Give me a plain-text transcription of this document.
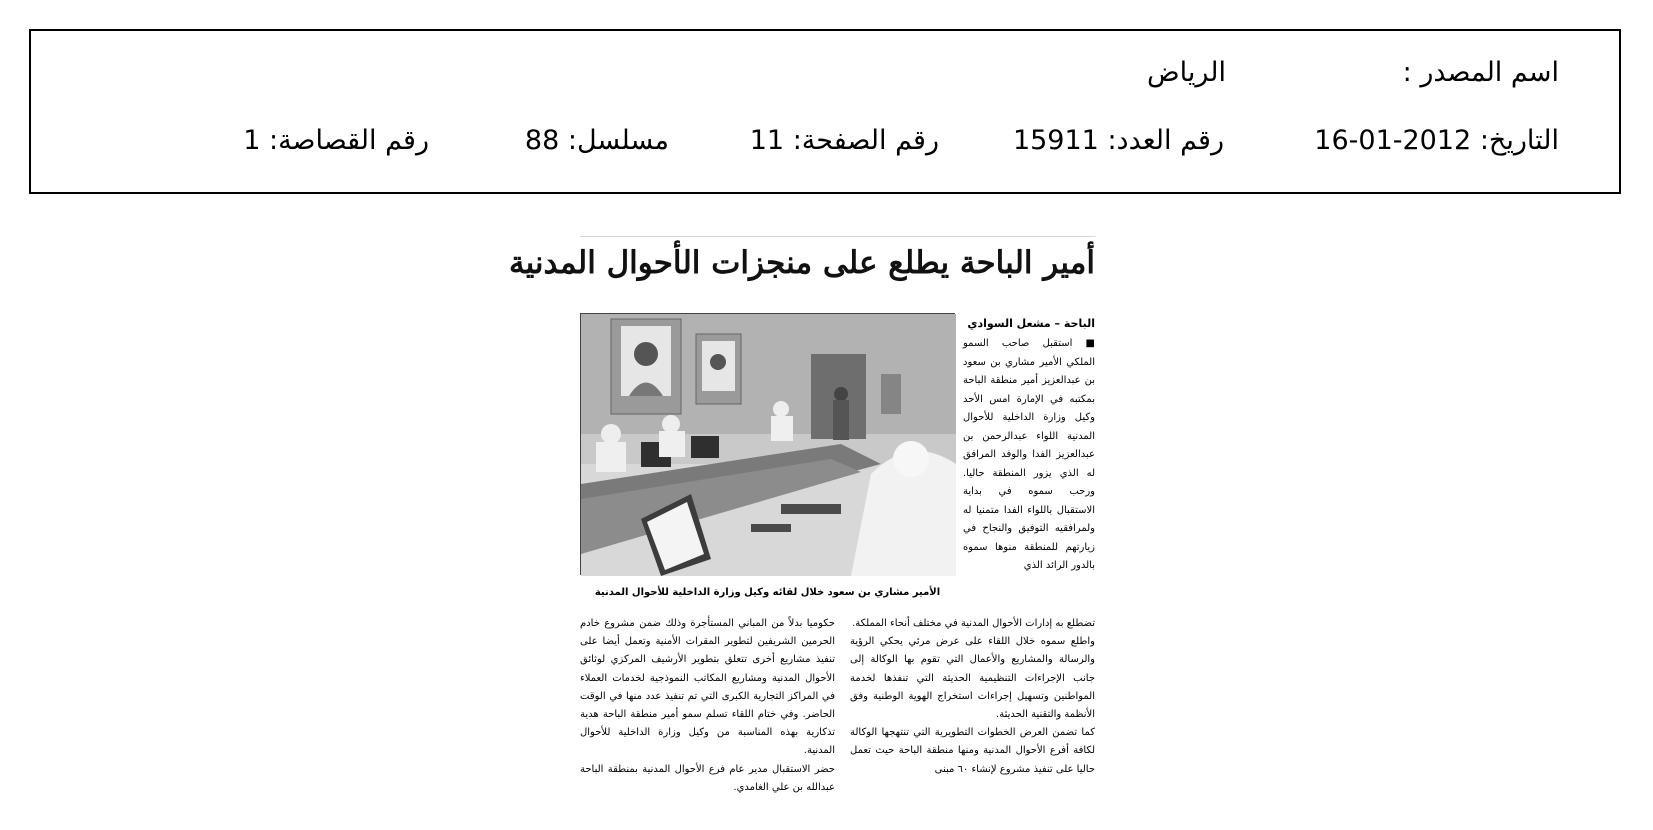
اسم المصدر :
الرياض
التاريخ: 2012-01-16
رقم العدد: 15911
رقم الصفحة: 11
مسلسل: 88
رقم القصاصة: 1
أمير الباحة يطلع على منجزات الأحوال المدنية
الأمير مشاري بن سعود خلال لقائه وكيل وزارة الداخلية للأحوال المدنية
الباحة – مشعل السوادي

■ استقبل صاحب السمو الملكي الأمير مشاري بن سعود بن عبدالعزيز أمير منطقة الباحة بمكتبه في الإمارة امس الأحد وكيل وزارة الداخلية للأحوال المدنية اللواء عبدالرحمن بن عبدالعزيز الفدا والوفد المرافق له الذي يزور المنطقة حاليا. ورحب سموه في بداية الاستقبال باللواء الفدا متمنيا له ولمرافقيه التوفيق والنجاح في زيارتهم للمنطقة منوها سموه بالدور الرائد الذي

تضطلع به إدارات الأحوال المدنية في مختلف أنحاء المملكة.

واطلع سموه خلال اللقاء على عرض مرئي يحكي الرؤية والرسالة والمشاريع والأعمال التي تقوم بها الوكالة إلى جانب الإجراءات التنظيمية الحديثة التي تنفذها لخدمة المواطنين وتسهيل إجراءات استخراج الهوية الوطنية وفق الأنظمة والتقنية الحديثة.

كما تضمن العرض الخطوات التطويرية التي تنتهجها الوكالة لكافة أفرع الأحوال المدنية ومنها منطقة الباحة حيث تعمل حاليا على تنفيذ مشروع لإنشاء ٦٠ مبنى

حكوميا بدلاً من المباني المستأجرة وذلك ضمن مشروع خادم الحرمين الشريفين لتطوير المقرات الأمنية وتعمل أيضا على تنفيذ مشاريع أخرى تتعلق بتطوير الأرشيف المركزي لوثائق الأحوال المدنية ومشاريع المكاتب النموذجية لخدمات العملاء في المراكز التجارية الكبرى التي تم تنفيذ عدد منها في الوقت الحاضر. وفي ختام اللقاء تسلم سمو أمير منطقة الباحة هدية تذكارية بهذه المناسبة من وكيل وزارة الداخلية للأحوال المدنية.

حضر الاستقبال مدير عام فرع الأحوال المدنية بمنطقة الباحة عبدالله بن علي الغامدي.
